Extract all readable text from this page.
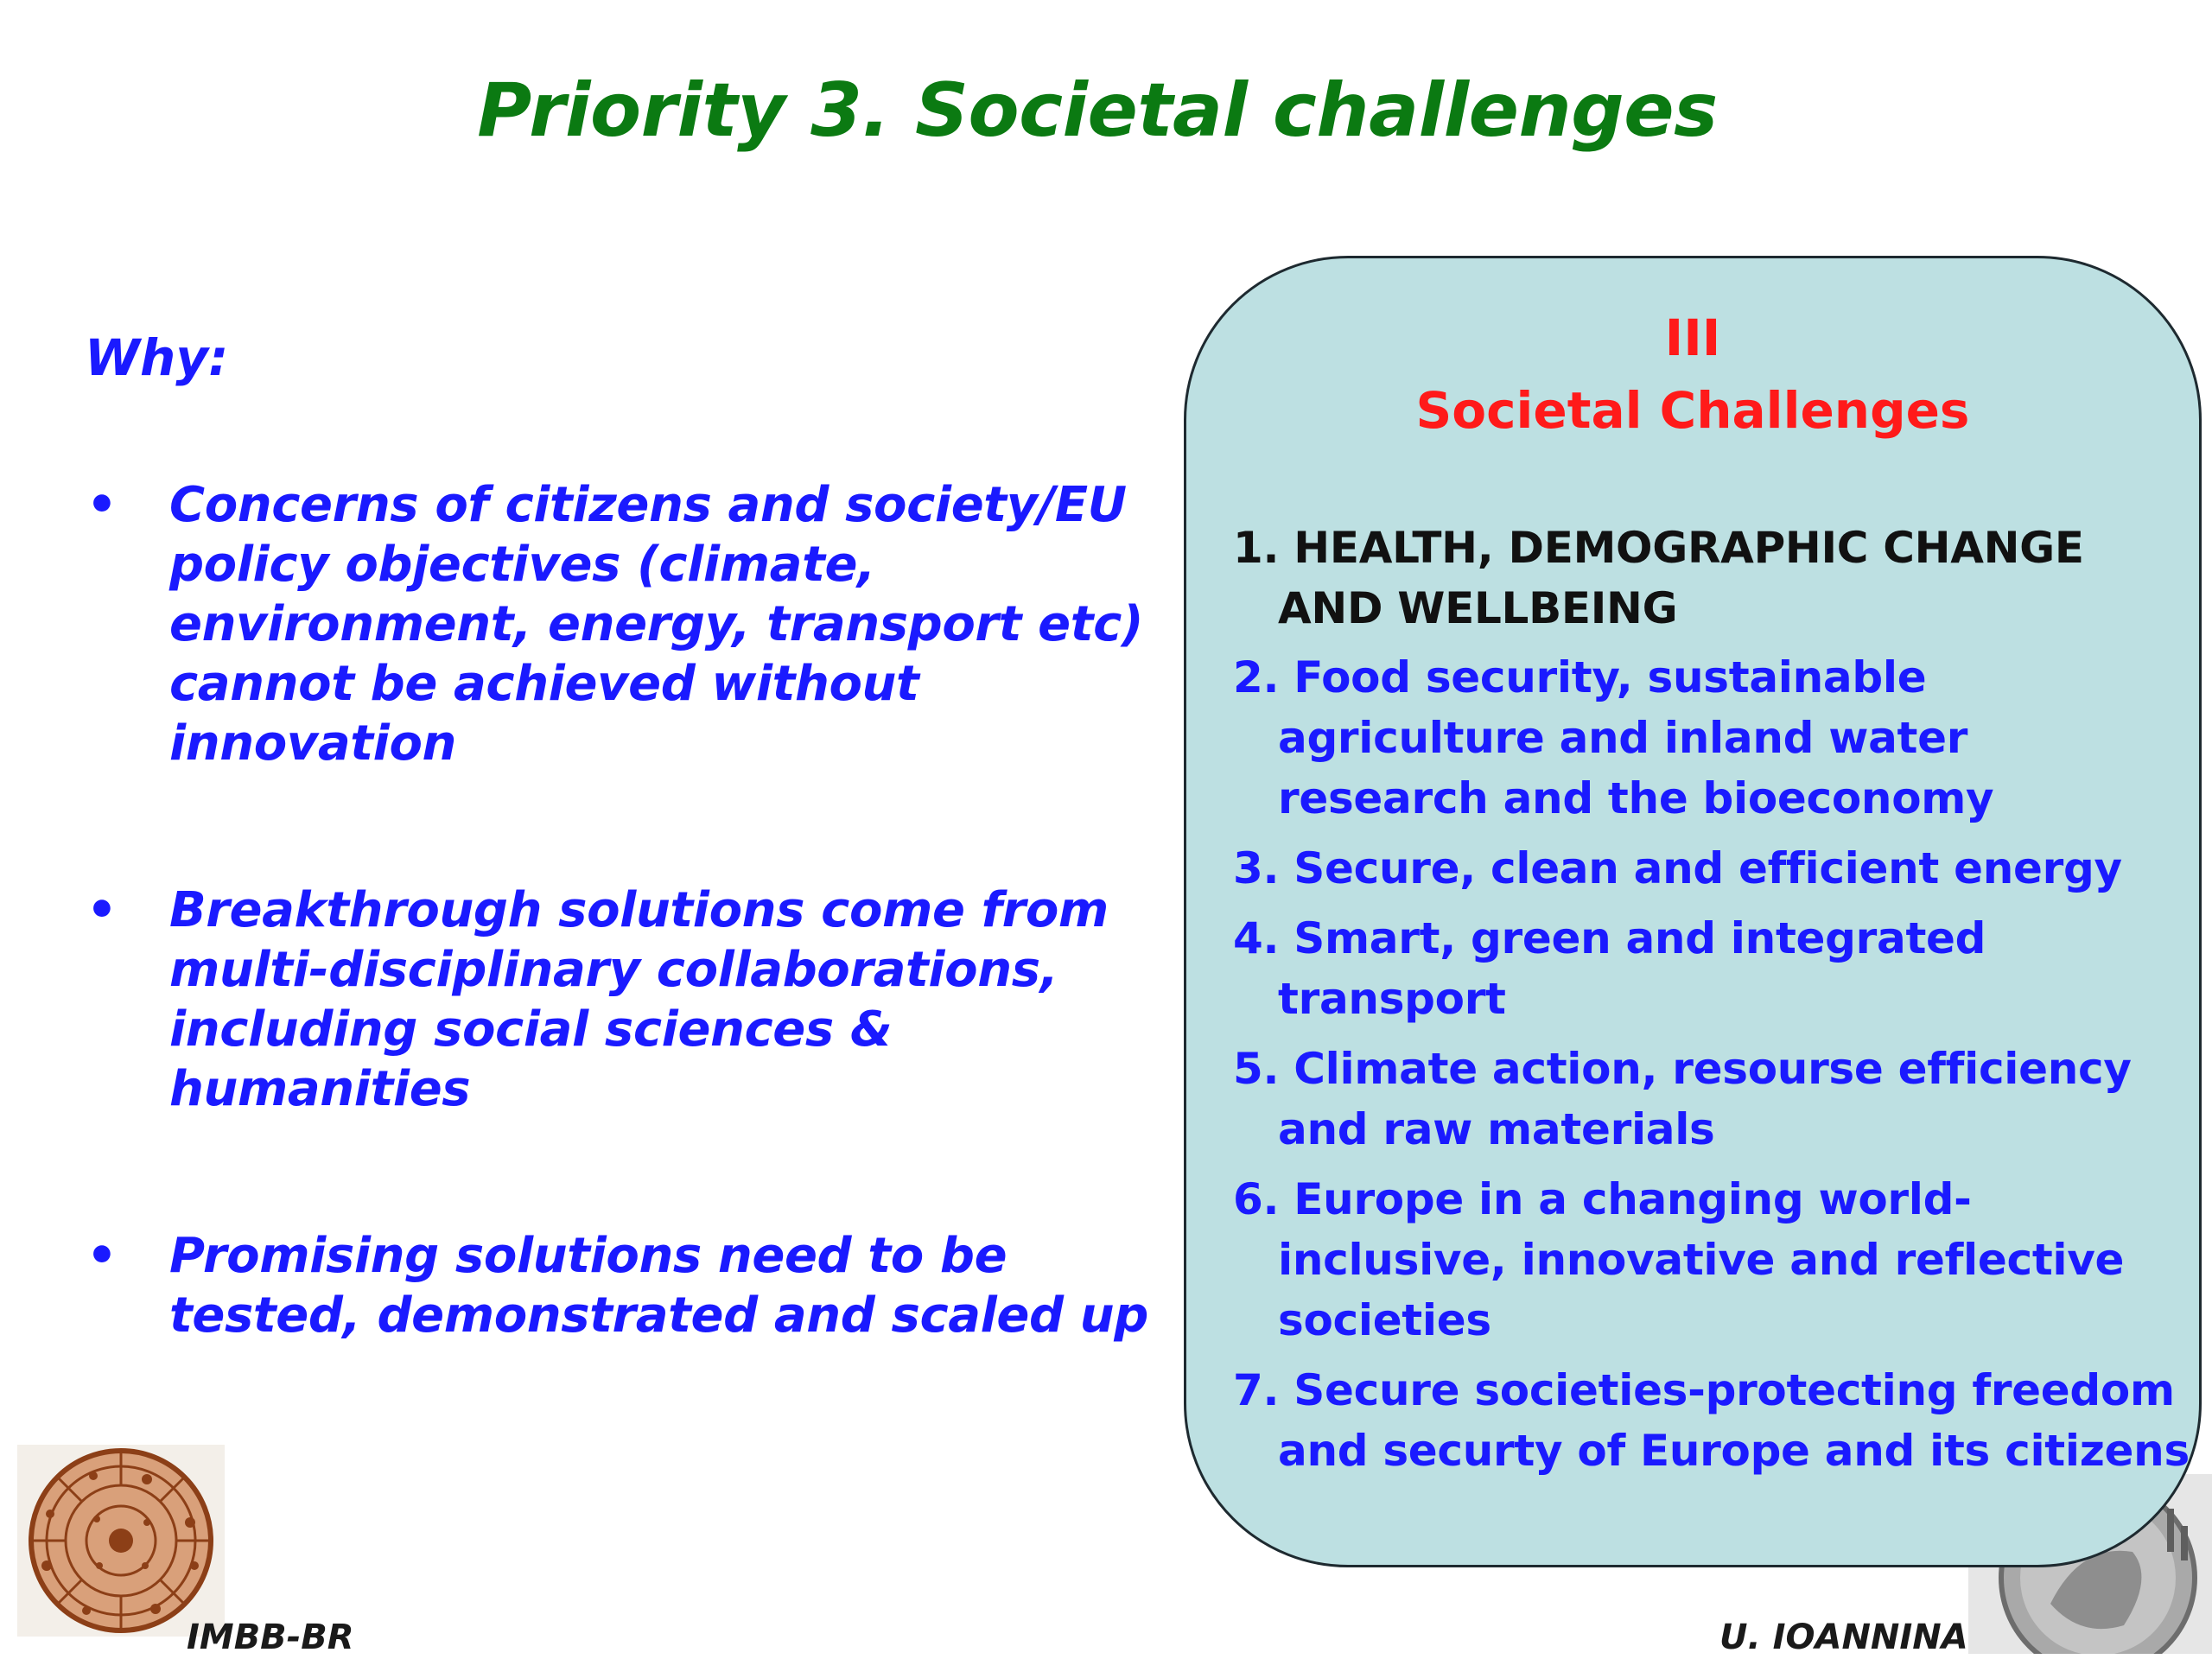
Priority 3. Societal challenges
Why:
• Concerns of citizens and society/EU policy objectives (climate, environment, energy, transport etc) cannot be achieved without innovation
• Breakthrough solutions come from multi-disciplinary collaborations, including social sciences & humanities
• Promising solutions need to be tested, demonstrated and scaled up
III
Societal Challenges
1. HEALTH, DEMOGRAPHIC CHANGE AND WELLBEING
2. Food security, sustainable agriculture and inland water research and the bioeconomy
3. Secure, clean and efficient energy
4. Smart, green and integrated transport
5. Climate action, resourse efficiency and raw materials
6. Europe in a changing world- inclusive, innovative and reflective societies
7. Secure societies-protecting freedom and securty of Europe and its citizens
IMBB-BR	U. IOANNINA
